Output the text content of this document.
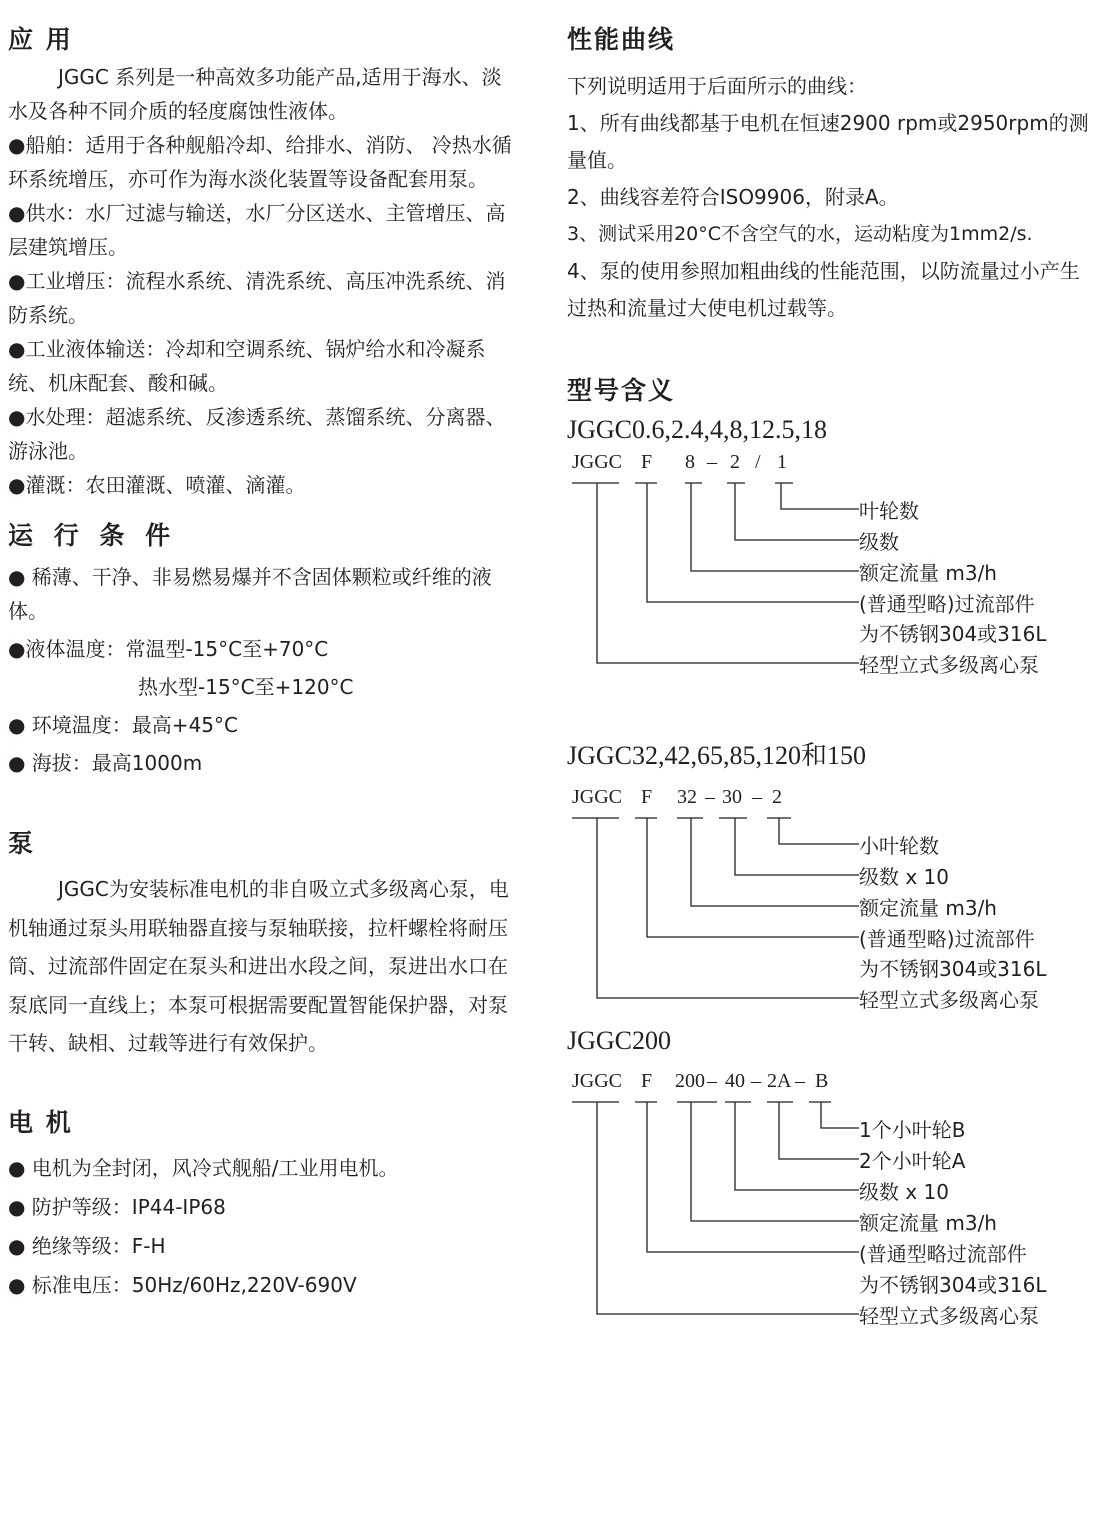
应 用

JGGC 系列是一种高效多功能产品,适用于海水、淡水及各种不同介质的轻度腐蚀性液体。

●船舶：适用于各种舰船冷却、给排水、消防、 冷热水循环系统增压，亦可作为海水淡化装置等设备配套用泵。

●供水：水厂过滤与输送，水厂分区送水、主管增压、高层建筑增压。

●工业增压：流程水系统、清洗系统、高压冲洗系统、消防系统。

●工业液体输送：冷却和空调系统、锅炉给水和冷凝系统、机床配套、酸和碱。

●水处理：超滤系统、反渗透系统、蒸馏系统、分离器、游泳池。

●灌溉：农田灌溉、喷灌、滴灌。

运 行 条 件

● 稀薄、干净、非易燃易爆并不含固体颗粒或纤维的液体。

●液体温度：常温型-15°C至+70°C

热水型-15°C至+120°C

● 环境温度：最高+45°C

● 海拔：最高1000m

泵

JGGC为安装标准电机的非自吸立式多级离心泵，电机轴通过泵头用联轴器直接与泵轴联接，拉杆螺栓将耐压筒、过流部件固定在泵头和进出水段之间，泵进出水口在泵底同一直线上；本泵可根据需要配置智能保护器，对泵干转、缺相、过载等进行有效保护。

电 机

● 电机为全封闭，风冷式舰船/工业用电机。

● 防护等级：IP44-IP68

● 绝缘等级：F-H

● 标准电压：50Hz/60Hz,220V-690V

性能曲线

下列说明适用于后面所示的曲线：

1、所有曲线都基于电机在恒速2900 rpm或2950rpm的测量值。

2、曲线容差符合ISO9906，附录A。

3、测试采用20°C不含空气的水，运动粘度为1mm2/s.

4、泵的使用参照加粗曲线的性能范围，以防流量过小产生过热和流量过大使电机过载等。

型号含义

JGGC0.6,2.4,4,8,12.5,18

JGGC F 8 – 2 / 1
叶轮数
级数
额定流量 m3/h
(普通型略)过流部件
为不锈钢304或316L
轻型立式多级离心泵

JGGC32,42,65,85,120和150

JGGC F 32 – 30 – 2
小叶轮数
级数 x 10
额定流量 m3/h
(普通型略)过流部件
为不锈钢304或316L
轻型立式多级离心泵

JGGC200

JGGC F 200 – 40 – 2A – B
1个小叶轮B
2个小叶轮A
级数 x 10
额定流量 m3/h
(普通型略过流部件
为不锈钢304或316L
轻型立式多级离心泵
